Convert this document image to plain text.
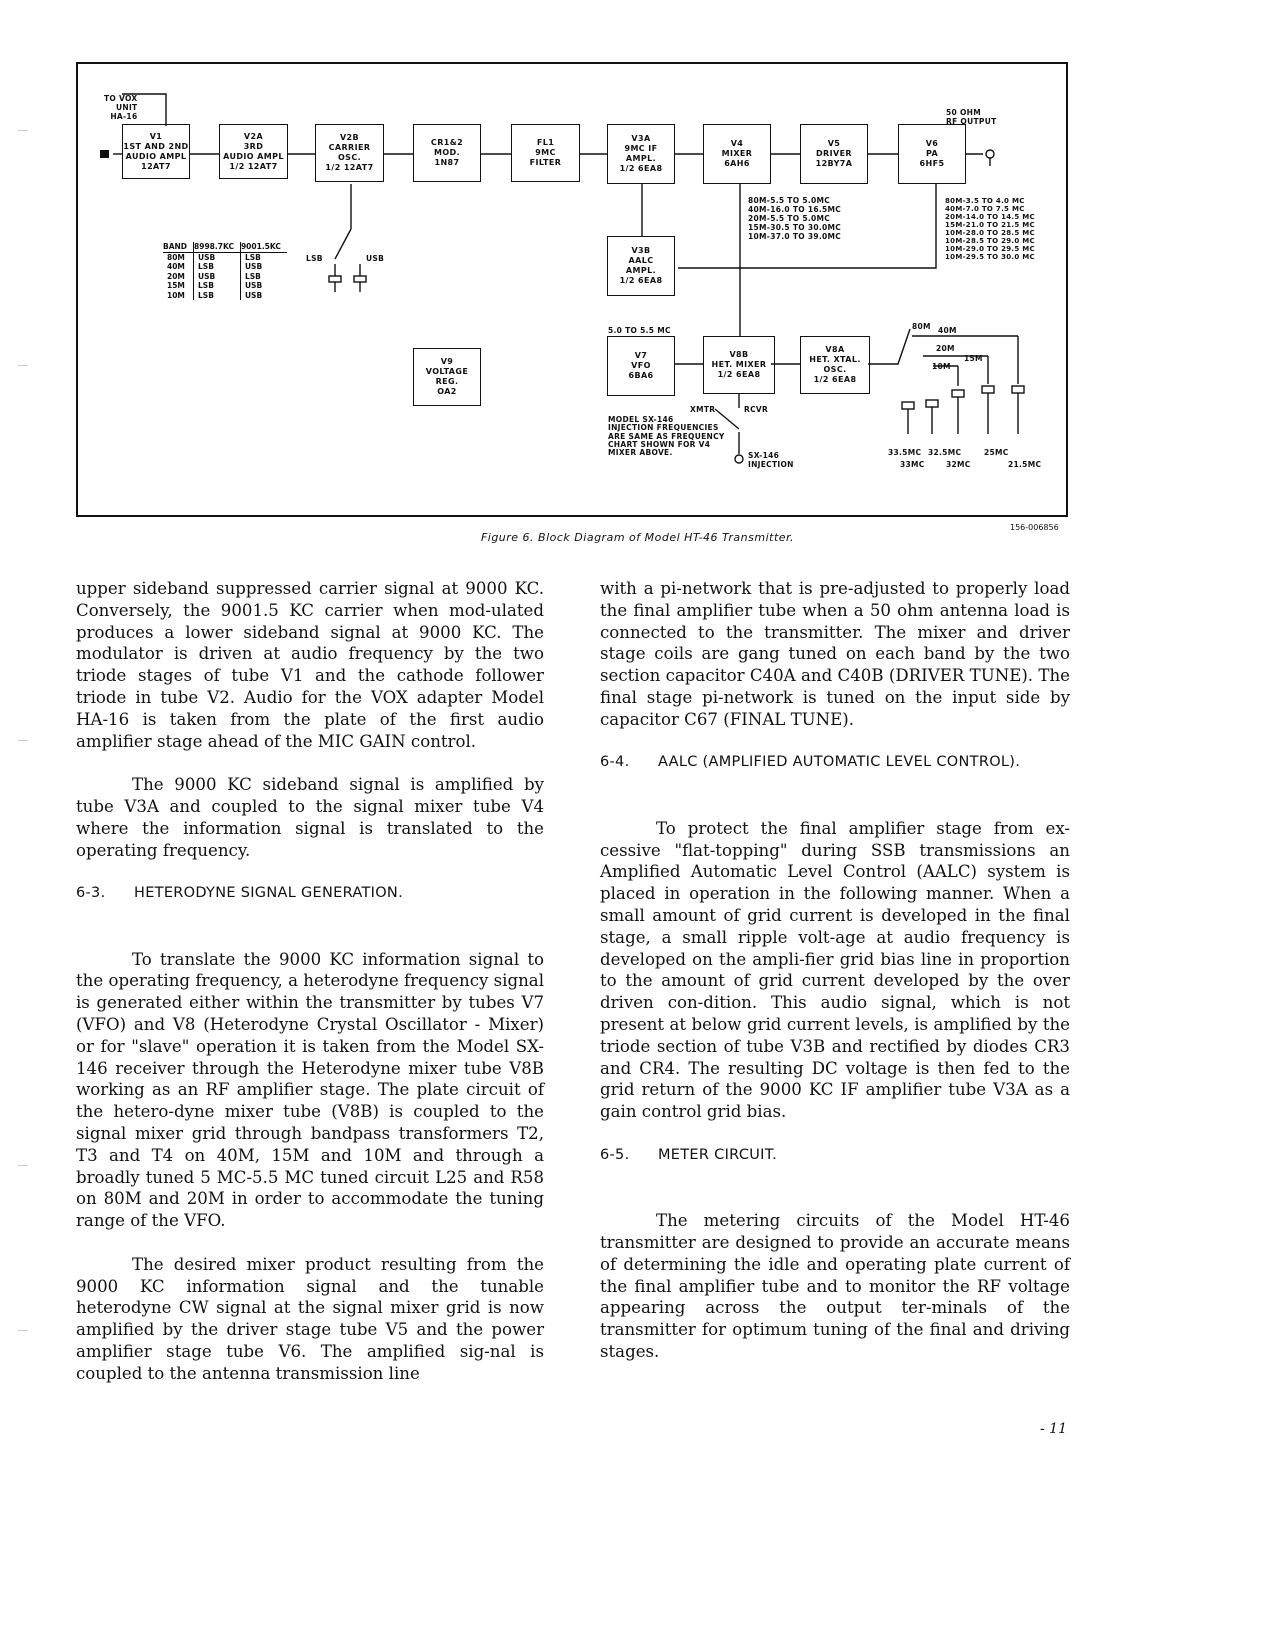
TO VOX
UNIT
HA-16	50 OHM
RF OUTPUT
V1
1ST AND 2ND
AUDIO AMPL
12AT7
V2A
3RD
AUDIO AMPL
1/2 12AT7
V2B
CARRIER
OSC.
1/2 12AT7
CR1&2
MOD.
1N87
FL1
9MC
FILTER
V3A
9MC IF
AMPL.
1/2 6EA8
V4
MIXER
6AH6
V5
DRIVER
12BY7A
V6
PA
6HF5
V3B
AALC
AMPL.
1/2 6EA8
V9
VOLTAGE
REG.
OA2
V7
VFO
6BA6
V8B
HET. MIXER
1/2 6EA8
V8A
HET. XTAL.
OSC.
1/2 6EA8
80M-5.5 TO 5.0MC
40M-16.0 TO 16.5MC
20M-5.5 TO 5.0MC
15M-30.5 TO 30.0MC
10M-37.0 TO 39.0MC
80M-3.5 TO 4.0 MC
40M-7.0 TO 7.5 MC
20M-14.0 TO 14.5 MC
15M-21.0 TO 21.5 MC
10M-28.0 TO 28.5 MC
10M-28.5 TO 29.0 MC
10M-29.0 TO 29.5 MC
10M-29.5 TO 30.0 MC
BAND	8998.7KC	9001.5KC
80M	USB	LSB
40M	LSB	USB
20M	USB	LSB
15M	LSB	USB
10M	LSB	USB
LSB	USB
5.0 TO 5.5 MC
XMTR	RCVR
SX-146
INJECTION
MODEL SX-146
INJECTION FREQUENCIES
ARE SAME AS FREQUENCY
CHART SHOWN FOR V4
MIXER ABOVE.
80M 40M
20M
15M
10M
33.5MC 32.5MC	25MC
33MC	32MC	21.5MC
Figure 6. Block Diagram of Model HT-46 Transmitter.
156-006856

upper sideband suppressed carrier signal at 9000 KC. Conversely, the 9001.5 KC carrier when mod-ulated produces a lower sideband signal at 9000 KC. The modulator is driven at audio frequency by the two triode stages of tube V1 and the cathode follower triode in tube V2. Audio for the VOX adapter Model HA-16 is taken from the plate of the first audio amplifier stage ahead of the MIC GAIN control.

The 9000 KC sideband signal is amplified by tube V3A and coupled to the signal mixer tube V4 where the information signal is translated to the operating frequency.

6-3.	HETERODYNE SIGNAL GENERATION.

To translate the 9000 KC information signal to the operating frequency, a heterodyne frequency signal is generated either within the transmitter by tubes V7 (VFO) and V8 (Heterodyne Crystal Oscillator - Mixer) or for "slave" operation it is taken from the Model SX-146 receiver through the Heterodyne mixer tube V8B working as an RF amplifier stage. The plate circuit of the hetero-dyne mixer tube (V8B) is coupled to the signal mixer grid through bandpass transformers T2, T3 and T4 on 40M, 15M and 10M and through a broadly tuned 5 MC-5.5 MC tuned circuit L25 and R58 on 80M and 20M in order to accommodate the tuning range of the VFO.

The desired mixer product resulting from the 9000 KC information signal and the tunable heterodyne CW signal at the signal mixer grid is now amplified by the driver stage tube V5 and the power amplifier stage tube V6. The amplified sig-nal is coupled to the antenna transmission line

with a pi-network that is pre-adjusted to properly load the final amplifier tube when a 50 ohm antenna load is connected to the transmitter. The mixer and driver stage coils are gang tuned on each band by the two section capacitor C40A and C40B (DRIVER TUNE). The final stage pi-network is tuned on the input side by capacitor C67 (FINAL TUNE).

6-4.	AALC (AMPLIFIED AUTOMATIC LEVEL CONTROL).

To protect the final amplifier stage from ex-cessive "flat-topping" during SSB transmissions an Amplified Automatic Level Control (AALC) system is placed in operation in the following manner. When a small amount of grid current is developed in the final stage, a small ripple volt-age at audio frequency is developed on the ampli-fier grid bias line in proportion to the amount of grid current developed by the over driven con-dition. This audio signal, which is not present at below grid current levels, is amplified by the triode section of tube V3B and rectified by diodes CR3 and CR4. The resulting DC voltage is then fed to the grid return of the 9000 KC IF amplifier tube V3A as a gain control grid bias.

6-5.	METER CIRCUIT.

The metering circuits of the Model HT-46 transmitter are designed to provide an accurate means of determining the idle and operating plate current of the final amplifier tube and to monitor the RF voltage appearing across the output ter-minals of the transmitter for optimum tuning of the final and driving stages.

- 11
